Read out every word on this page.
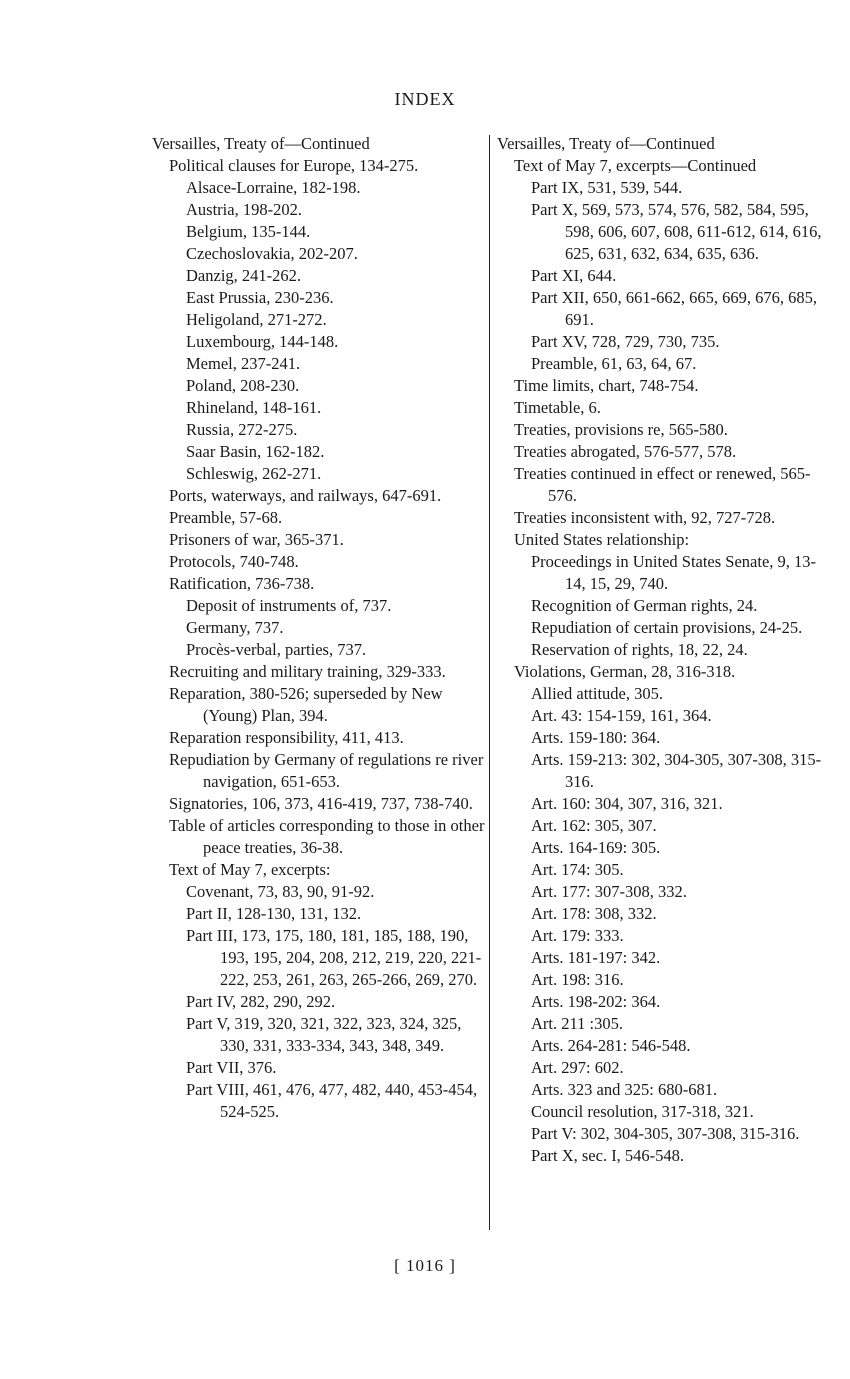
INDEX
Versailles, Treaty of—Continued
Political clauses for Europe, 134-275.
Alsace-Lorraine, 182-198.
Austria, 198-202.
Belgium, 135-144.
Czechoslovakia, 202-207.
Danzig, 241-262.
East Prussia, 230-236.
Heligoland, 271-272.
Luxembourg, 144-148.
Memel, 237-241.
Poland, 208-230.
Rhineland, 148-161.
Russia, 272-275.
Saar Basin, 162-182.
Schleswig, 262-271.
Ports, waterways, and railways, 647-691.
Preamble, 57-68.
Prisoners of war, 365-371.
Protocols, 740-748.
Ratification, 736-738.
Deposit of instruments of, 737.
Germany, 737.
Procès-verbal, parties, 737.
Recruiting and military training, 329-333.
Reparation, 380-526; superseded by New (Young) Plan, 394.
Reparation responsibility, 411, 413.
Repudiation by Germany of regulations re river navigation, 651-653.
Signatories, 106, 373, 416-419, 737, 738-740.
Table of articles corresponding to those in other peace treaties, 36-38.
Text of May 7, excerpts:
Covenant, 73, 83, 90, 91-92.
Part II, 128-130, 131, 132.
Part III, 173, 175, 180, 181, 185, 188, 190, 193, 195, 204, 208, 212, 219, 220, 221-222, 253, 261, 263, 265-266, 269, 270.
Part IV, 282, 290, 292.
Part V, 319, 320, 321, 322, 323, 324, 325, 330, 331, 333-334, 343, 348, 349.
Part VII, 376.
Part VIII, 461, 476, 477, 482, 440, 453-454, 524-525.
Versailles, Treaty of—Continued
Text of May 7, excerpts—Continued
Part IX, 531, 539, 544.
Part X, 569, 573, 574, 576, 582, 584, 595, 598, 606, 607, 608, 611-612, 614, 616, 625, 631, 632, 634, 635, 636.
Part XI, 644.
Part XII, 650, 661-662, 665, 669, 676, 685, 691.
Part XV, 728, 729, 730, 735.
Preamble, 61, 63, 64, 67.
Time limits, chart, 748-754.
Timetable, 6.
Treaties, provisions re, 565-580.
Treaties abrogated, 576-577, 578.
Treaties continued in effect or renewed, 565-576.
Treaties inconsistent with, 92, 727-728.
United States relationship:
Proceedings in United States Senate, 9, 13-14, 15, 29, 740.
Recognition of German rights, 24.
Repudiation of certain provisions, 24-25.
Reservation of rights, 18, 22, 24.
Violations, German, 28, 316-318.
Allied attitude, 305.
Art. 43: 154-159, 161, 364.
Arts. 159-180: 364.
Arts. 159-213: 302, 304-305, 307-308, 315-316.
Art. 160: 304, 307, 316, 321.
Art. 162: 305, 307.
Arts. 164-169: 305.
Art. 174: 305.
Art. 177: 307-308, 332.
Art. 178: 308, 332.
Art. 179: 333.
Arts. 181-197: 342.
Art. 198: 316.
Arts. 198-202: 364.
Art. 211 :305.
Arts. 264-281: 546-548.
Art. 297: 602.
Arts. 323 and 325: 680-681.
Council resolution, 317-318, 321.
Part V: 302, 304-305, 307-308, 315-316.
Part X, sec. I, 546-548.
[ 1016 ]
